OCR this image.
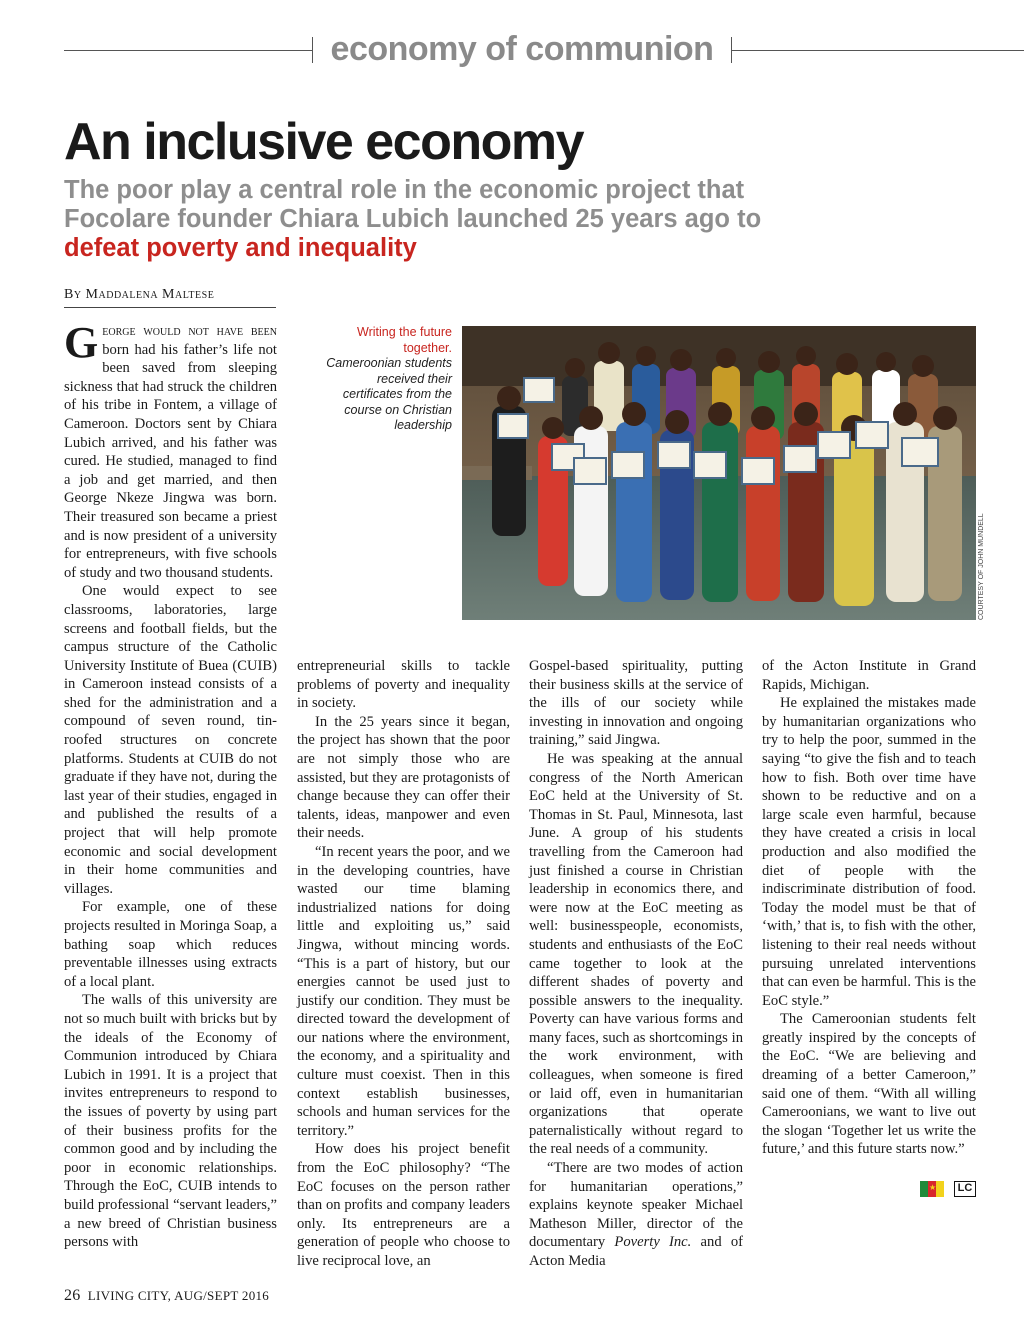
economy of communion
An inclusive economy
The poor play a central role in the economic project that Focolare founder Chiara Lubich launched 25 years ago to defeat poverty and inequality
By Maddalena Maltese

George would not have been born had his father’s life not been saved from sleeping sickness that had struck the children of his tribe in Fontem, a village of Cameroon. Doctors sent by Chiara Lubich arrived, and his father was cured. He studied, managed to find a job and get married, and then George Nkeze Jingwa was born. Their treasured son became a priest and is now president of a university for entrepreneurs, with five schools of study and two thousand students.

One would expect to see classrooms, laboratories, large screens and football fields, but the campus structure of the Catholic University Institute of Buea (CUIB) in Cameroon instead consists of a shed for the administration and a compound of seven round, tin-roofed structures on concrete platforms. Students at CUIB do not graduate if they have not, during the last year of their studies, engaged in and published the results of a project that will help promote economic and social development in their home communities and villages.

For example, one of these projects resulted in Moringa Soap, a bathing soap which reduces preventable illnesses using extracts of a local plant.

The walls of this university are not so much built with bricks but by the ideals of the Economy of Communion introduced by Chiara Lubich in 1991. It is a project that invites entrepreneurs to respond to the issues of poverty by using part of their business profits for the common good and by including the poor in economic relationships. Through the EoC, CUIB intends to build professional “servant leaders,” a new breed of Christian business persons with

Writing the future together.
Cameroonian students received their certificates from the course on Christian leadership
COURTESY OF JOHN MUNDELL

entrepreneurial skills to tackle problems of poverty and inequality in society.

In the 25 years since it began, the project has shown that the poor are not simply those who are assisted, but they are protagonists of change because they can offer their talents, ideas, manpower and even their needs.

“In recent years the poor, and we in the developing countries, have wasted our time blaming industrialized nations for doing little and exploiting us,” said Jingwa, without mincing words. “This is a part of history, but our energies cannot be used just to justify our condition. They must be directed toward the development of our nations where the environment, the economy, and a spirituality and culture must coexist. Then in this context establish businesses, schools and human services for the territory.”

How does his project benefit from the EoC philosophy? “The EoC focuses on the person rather than on profits and company leaders only. Its entrepreneurs are a generation of people who choose to live reciprocal love, an

Gospel-based spirituality, putting their business skills at the service of the ills of our society while investing in innovation and ongoing training,” said Jingwa.

He was speaking at the annual congress of the North American EoC held at the University of St. Thomas in St. Paul, Minnesota, last June. A group of his students travelling from the Cameroon had just finished a course in Christian leadership in economics there, and were now at the EoC meeting as well: businesspeople, economists, students and enthusiasts of the EoC came together to look at the different shades of poverty and possible answers to the inequality. Poverty can have various forms and many faces, such as shortcomings in the work environment, with colleagues, when someone is fired or laid off, even in humanitarian organizations that operate paternalistically without regard to the real needs of a community.

“There are two modes of action for humanitarian operations,” explains keynote speaker Michael Matheson Miller, director of the documentary Poverty Inc. and of Acton Media

of the Acton Institute in Grand Rapids, Michigan.

He explained the mistakes made by humanitarian organizations who try to help the poor, summed in the saying “to give the fish and to teach how to fish. Both over time have shown to be reductive and on a large scale even harmful, because they have created a crisis in local production and also modified the diet of people with the indiscriminate distribution of food. Today the model must be that of ‘with,’ that is, to fish with the other, listening to their real needs without pursuing unrelated interventions that can even be harmful. This is the EoC style.”

The Cameroonian students felt greatly inspired by the concepts of the EoC. “We are believing and dreaming of a better Cameroon,” said one of them. “With all willing Cameroonians, we want to live out the slogan ‘Together let us write the future,’ and this future starts now.”

★	LC
26 LIVING CITY, AUG/SEPT 2016
